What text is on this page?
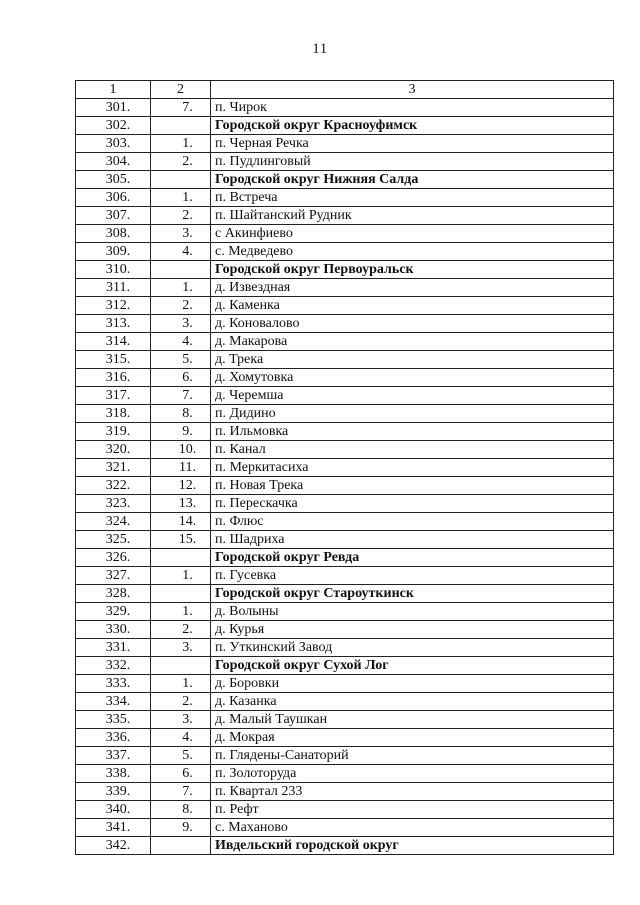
11
1	2	3
301.	7.	п. Чирок
302.		Городской округ Красноуфимск
303.	1.	п. Черная Речка
304.	2.	п. Пудлинговый
305.		Городской округ Нижняя Салда
306.	1.	п. Встреча
307.	2.	п. Шайтанский Рудник
308.	3.	с Акинфиево
309.	4.	с. Медведево
310.		Городской округ Первоуральск
311.	1.	д. Извездная
312.	2.	д. Каменка
313.	3.	д. Коновалово
314.	4.	д. Макарова
315.	5.	д. Трека
316.	6.	д. Хомутовка
317.	7.	д. Черемша
318.	8.	п. Дидино
319.	9.	п. Ильмовка
320.	10.	п. Канал
321.	11.	п. Меркитасиха
322.	12.	п. Новая Трека
323.	13.	п. Перескачка
324.	14.	п. Флюс
325.	15.	п. Шадриха
326.		Городской округ Ревда
327.	1.	п. Гусевка
328.		Городской округ Староуткинск
329.	1.	д. Волыны
330.	2.	д. Курья
331.	3.	п. Уткинский Завод
332.		Городской округ Сухой Лог
333.	1.	д. Боровки
334.	2.	д. Казанка
335.	3.	д. Малый Таушкан
336.	4.	д. Мокрая
337.	5.	п. Глядены-Санаторий
338.	6.	п. Золоторуда
339.	7.	п. Квартал 233
340.	8.	п. Рефт
341.	9.	с. Маханово
342.		Ивдельский городской округ
